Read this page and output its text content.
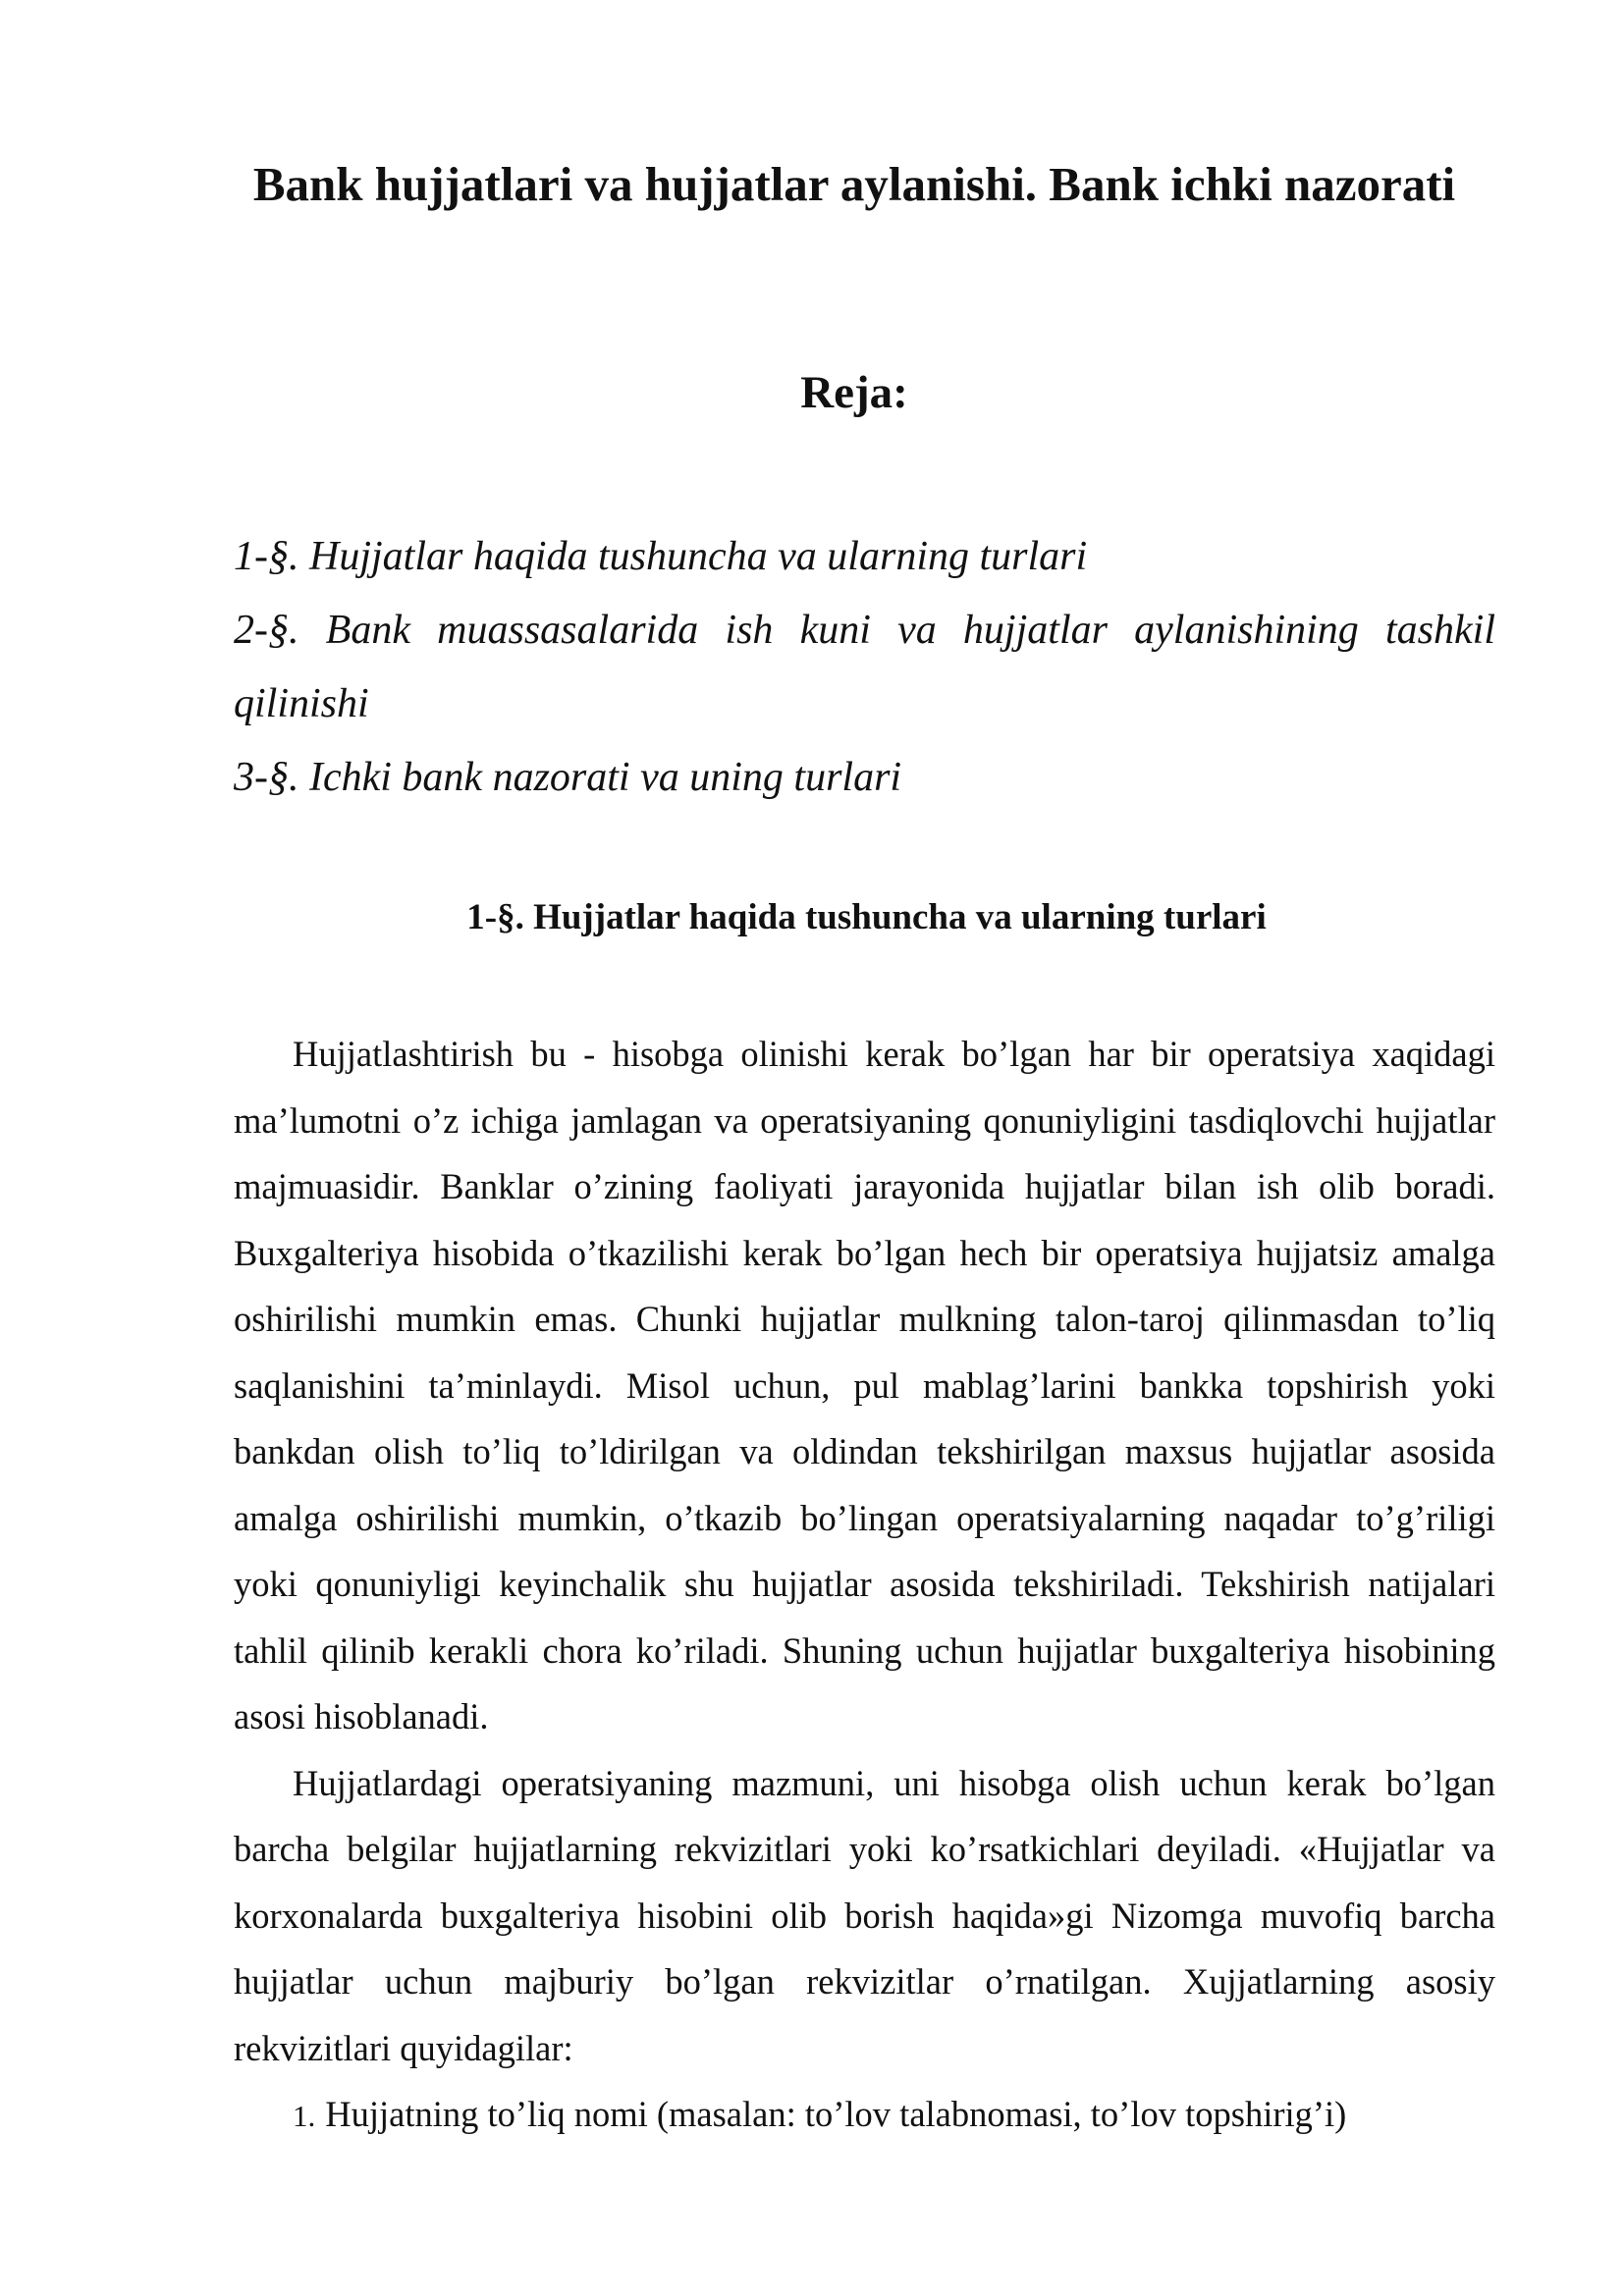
Bank hujjatlari va hujjatlar aylanishi. Bank ichki nazorati
Reja:
1-§. Hujjatlar haqida tushuncha va ularning turlari
2-§. Bank muassasalarida ish kuni va hujjatlar aylanishining tashkil qilinishi
3-§. Ichki bank nazorati va uning turlari
1-§. Hujjatlar haqida tushuncha va ularning turlari

Hujjatlashtirish bu - hisobga olinishi kerak bo’lgan har bir operatsiya xaqidagi ma’lumotni o’z ichiga jamlagan va operatsiyaning qonuniyligini tasdiqlovchi hujjatlar majmuasidir. Banklar o’zining faoliyati jarayonida hujjatlar bilan ish olib boradi. Buxgalteriya hisobida o’tkazilishi kerak bo’lgan hech bir operatsiya hujjatsiz amalga oshirilishi mumkin emas. Chunki hujjatlar mulkning talon-taroj qilinmasdan to’liq saqlanishini ta’minlaydi. Misol uchun, pul mablag’larini bankka topshirish yoki bankdan olish to’liq to’ldirilgan va oldindan tekshirilgan maxsus hujjatlar asosida amalga oshirilishi mumkin, o’tkazib bo’lingan operatsiyalarning naqadar to’g’riligi yoki qonuniyligi keyinchalik shu hujjatlar asosida tekshiriladi. Tekshirish natijalari tahlil qilinib kerakli chora ko’riladi. Shuning uchun hujjatlar buxgalteriya hisobining asosi hisoblanadi.

Hujjatlardagi operatsiyaning mazmuni, uni hisobga olish uchun kerak bo’lgan barcha belgilar hujjatlarning rekvizitlari yoki ko’rsatkichlari deyiladi. «Hujjatlar va korxonalarda buxgalteriya hisobini olib borish haqida»gi Nizomga muvofiq barcha hujjatlar uchun majburiy bo’lgan rekvizitlar o’rnatilgan. Xujjatlarning asosiy rekvizitlari quyidagilar:

1. Hujjatning to’liq nomi (masalan: to’lov talabnomasi, to’lov topshirig’i)
